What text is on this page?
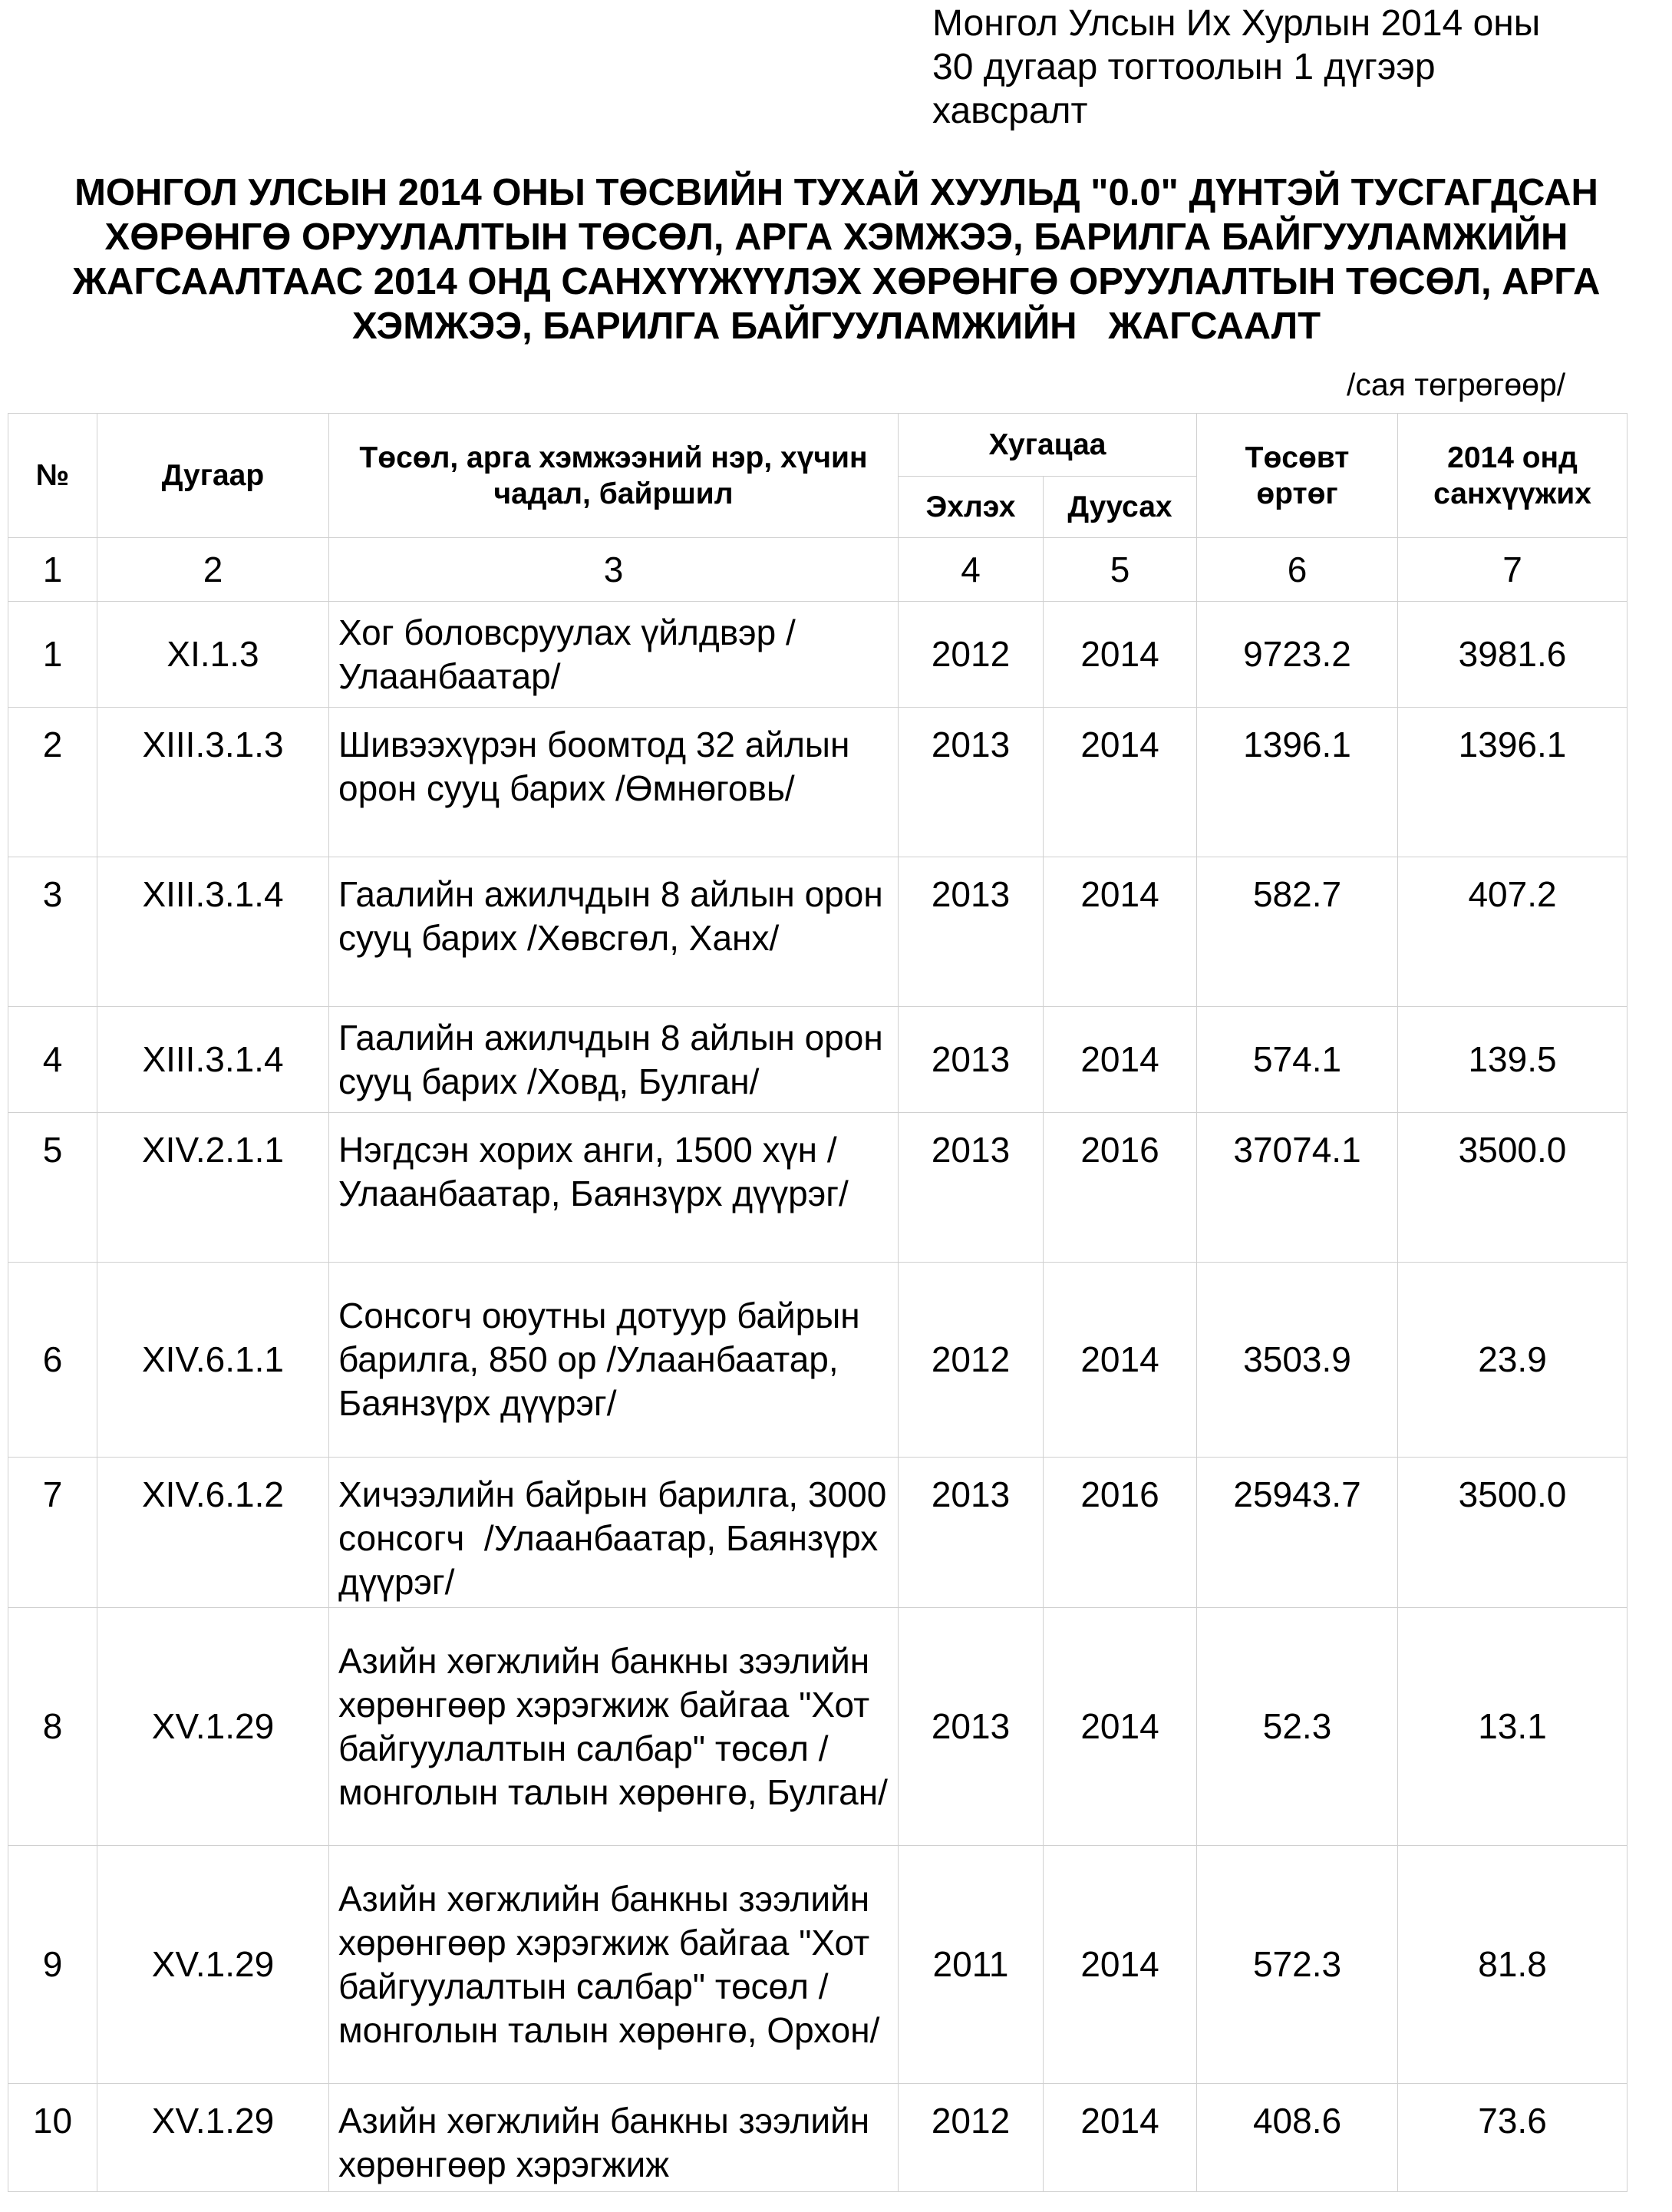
Монгол Улсын Их Хурлын 2014 оны
30 дугаар тогтоолын 1 дүгээр
хавсралт
МОНГОЛ УЛСЫН 2014 ОНЫ ТӨСВИЙН ТУХАЙ ХУУЛЬД "0.0" ДҮНТЭЙ ТУСГАГДСАН
ХӨРӨНГӨ ОРУУЛАЛТЫН ТӨСӨЛ, АРГА ХЭМЖЭЭ, БАРИЛГА БАЙГУУЛАМЖИЙН
ЖАГСААЛТААС 2014 ОНД САНХҮҮЖҮҮЛЭХ ХӨРӨНГӨ ОРУУЛАЛТЫН ТӨСӨЛ, АРГА
ХЭМЖЭЭ, БАРИЛГА БАЙГУУЛАМЖИЙН   ЖАГСААЛТ
/сая төгрөгөөр/
№	Дугаар	Төсөл, арга хэмжээний нэр, хүчин чадал, байршил	Хугацаа		Төсөвт өртөг	2014 онд санхүүжих
			Эхлэх	Дуусах		
1	2	3	4	5	6	7
1	XI.1.3	Хог боловсруулах үйлдвэр /Улаанбаатар/	2012	2014	9723.2	3981.6
2	XIII.3.1.3	Шивээхүрэн боомтод 32 айлын орон сууц барих /Өмнөговь/	2013	2014	1396.1	1396.1
3	XIII.3.1.4	Гаалийн ажилчдын 8 айлын орон сууц барих /Хөвсгөл, Ханх/	2013	2014	582.7	407.2
4	XIII.3.1.4	Гаалийн ажилчдын 8 айлын орон сууц барих /Ховд, Булган/	2013	2014	574.1	139.5
5	XIV.2.1.1	Нэгдсэн хорих анги, 1500 хүн /Улаанбаатар, Баянзүрх дүүрэг/	2013	2016	37074.1	3500.0
6	XIV.6.1.1	Сонсогч оюутны дотуур байрын барилга, 850 ор /Улаанбаатар, Баянзүрх дүүрэг/	2012	2014	3503.9	23.9
7	XIV.6.1.2	Хичээлийн байрын барилга, 3000 сонсогч  /Улаанбаатар, Баянзүрх дүүрэг/	2013	2016	25943.7	3500.0
8	XV.1.29	Азийн хөгжлийн банкны зээлийн хөрөнгөөр хэрэгжиж байгаа "Хот байгуулалтын салбар" төсөл /монголын талын хөрөнгө, Булган/	2013	2014	52.3	13.1
9	XV.1.29	Азийн хөгжлийн банкны зээлийн хөрөнгөөр хэрэгжиж байгаа "Хот байгуулалтын салбар" төсөл /монголын талын хөрөнгө, Орхон/	2011	2014	572.3	81.8
10	XV.1.29	Азийн хөгжлийн банкны зээлийн хөрөнгөөр хэрэгжиж	2012	2014	408.6	73.6
